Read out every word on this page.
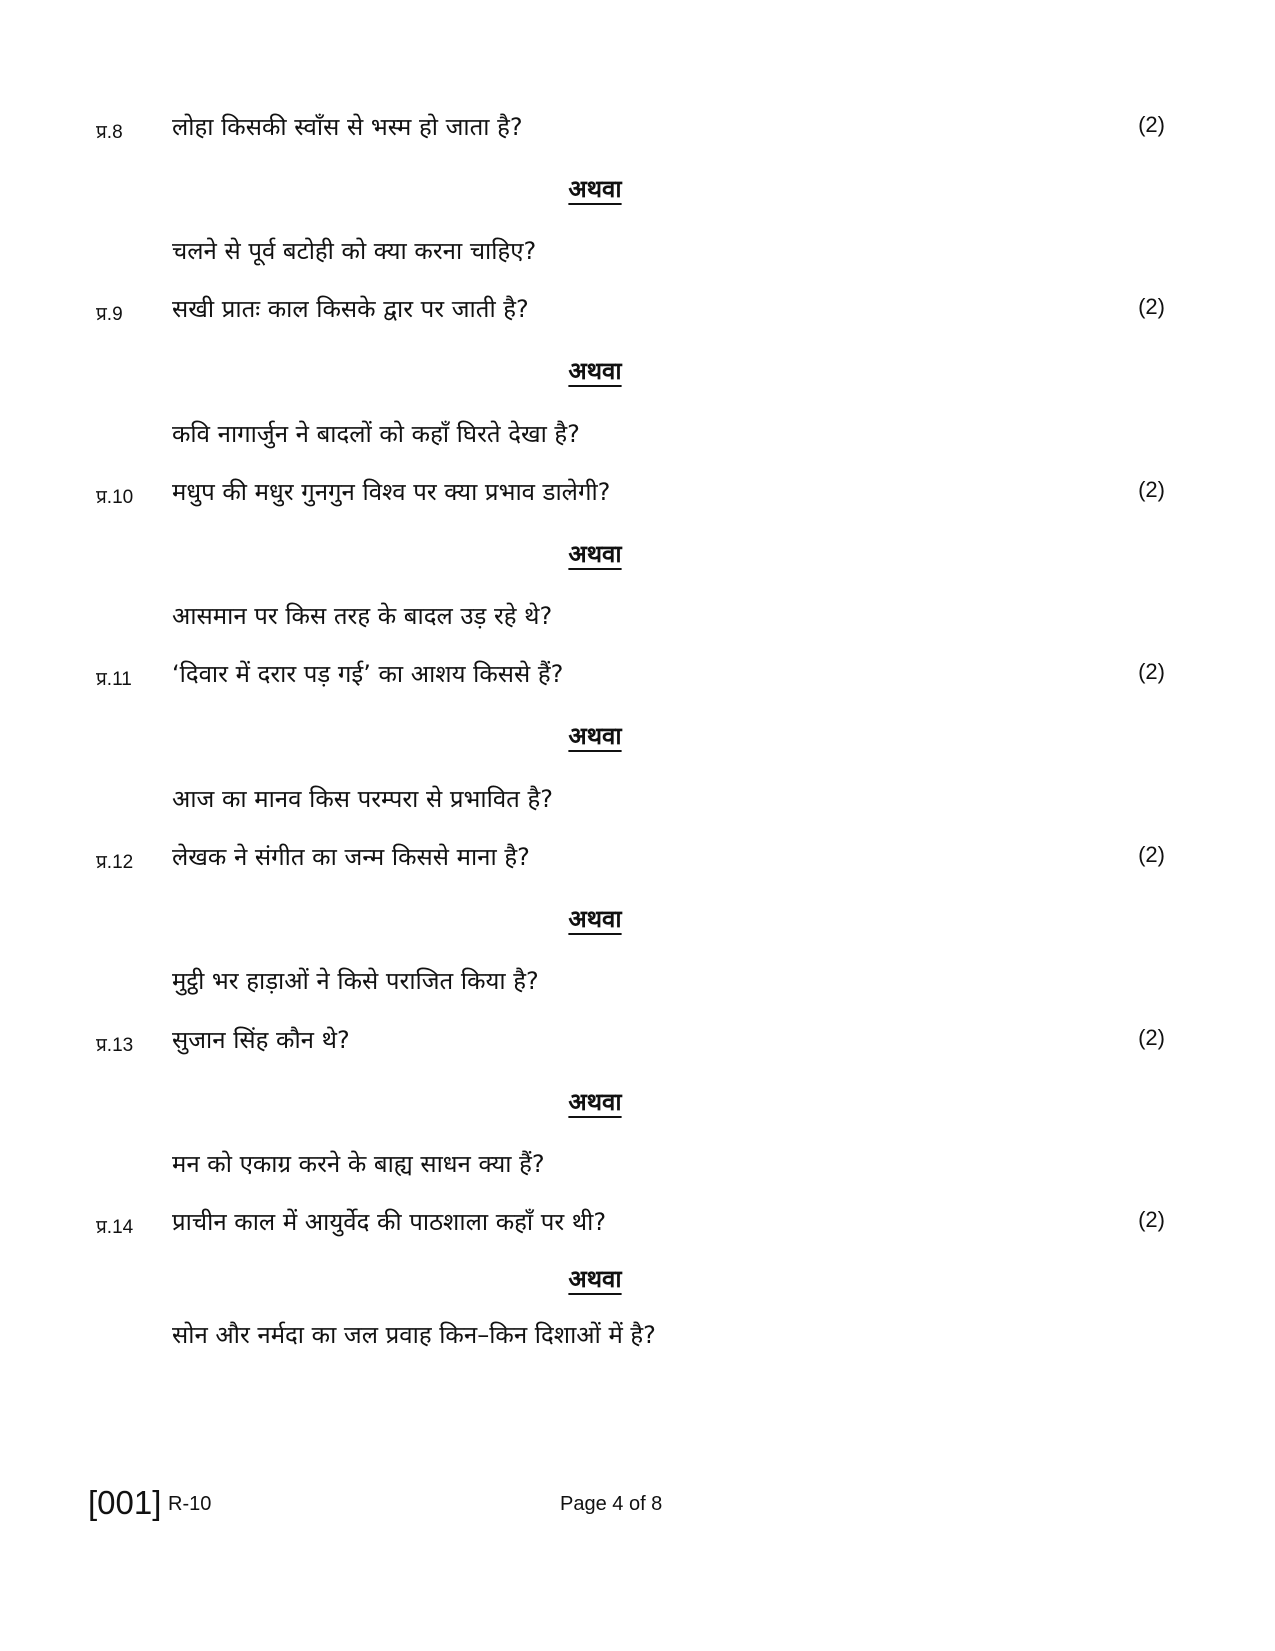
प्र.8 लोहा किसकी स्वाँस से भस्म हो जाता है?	(2)
अथवा
चलने से पूर्व बटोही को क्या करना चाहिए?
प्र.9 सखी प्रातः काल किसके द्वार पर जाती है?	(2)
अथवा
कवि नागार्जुन ने बादलों को कहाँ घिरते देखा है?
प्र.10 मधुप की मधुर गुनगुन विश्व पर क्या प्रभाव डालेगी?	(2)
अथवा
आसमान पर किस तरह के बादल उड़ रहे थे?
प्र.11 ‘दिवार में दरार पड़ गई’ का आशय किससे हैं?	(2)
अथवा
आज का मानव किस परम्परा से प्रभावित है?
प्र.12 लेखक ने संगीत का जन्म किससे माना है?	(2)
अथवा
मुट्ठी भर हाड़ाओं ने किसे पराजित किया है?
प्र.13 सुजान सिंह कौन थे?	(2)
अथवा
मन को एकाग्र करने के बाह्य साधन क्या हैं?
प्र.14 प्राचीन काल में आयुर्वेद की पाठशाला कहाँ पर थी?	(2)
अथवा
सोन और नर्मदा का जल प्रवाह किन–किन दिशाओं में है?
[001] R-10	Page 4 of 8
